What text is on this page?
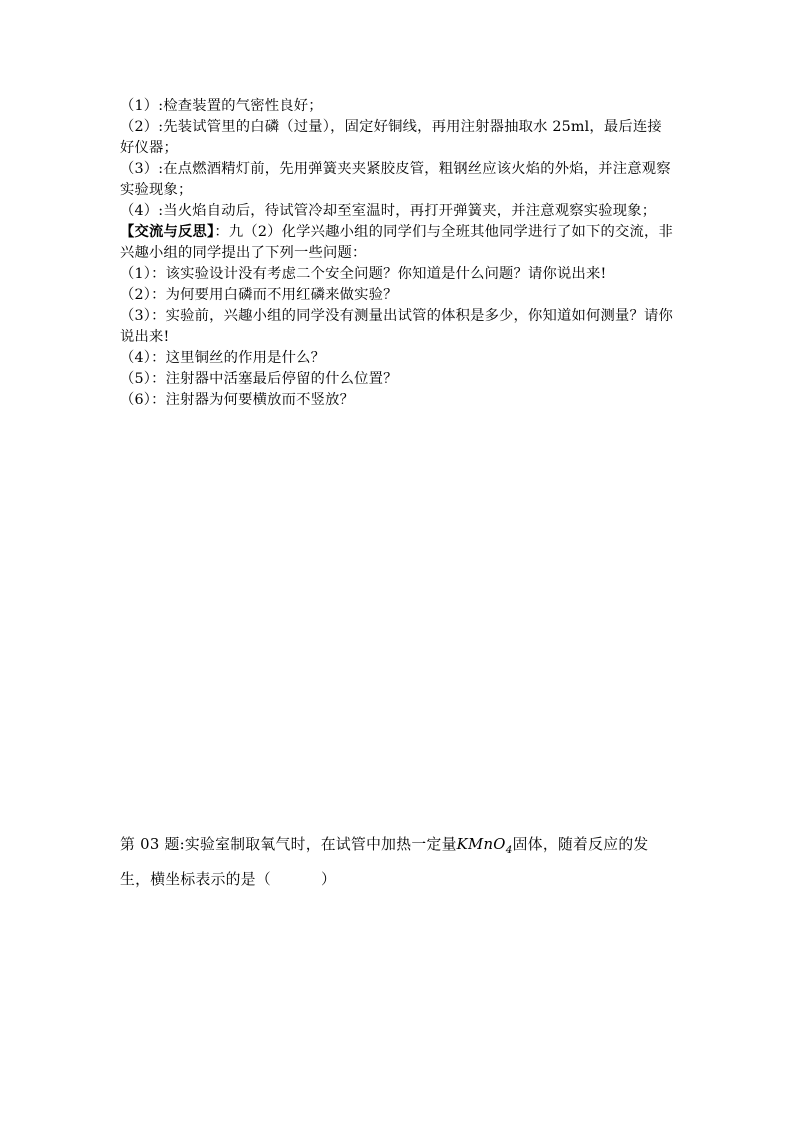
（1）:检查装置的气密性良好；

（2）:先装试管里的白磷（过量），固定好铜线，再用注射器抽取水 25ml，最后连接好仪器；

（3）:在点燃酒精灯前，先用弹簧夹夹紧胶皮管，粗钢丝应该火焰的外焰，并注意观察实验现象；

（4）:当火焰自动后，待试管冷却至室温时，再打开弹簧夹，并注意观察实验现象；

【交流与反思】：九（2）化学兴趣小组的同学们与全班其他同学进行了如下的交流，非兴趣小组的同学提出了下列一些问题：

（1）：该实验设计没有考虑二个安全问题？你知道是什么问题？请你说出来!

（2）：为何要用白磷而不用红磷来做实验？

（3）：实验前，兴趣小组的同学没有测量出试管的体积是多少，你知道如何测量？请你说出来!

（4）：这里铜丝的作用是什么？

（5）：注射器中活塞最后停留的什么位置？

（6）：注射器为何要横放而不竖放？

第 03 题:实验室制取氧气时，在试管中加热一定量KMnO$_4$固体，随着反应的发生，横坐标表示的是（	）
